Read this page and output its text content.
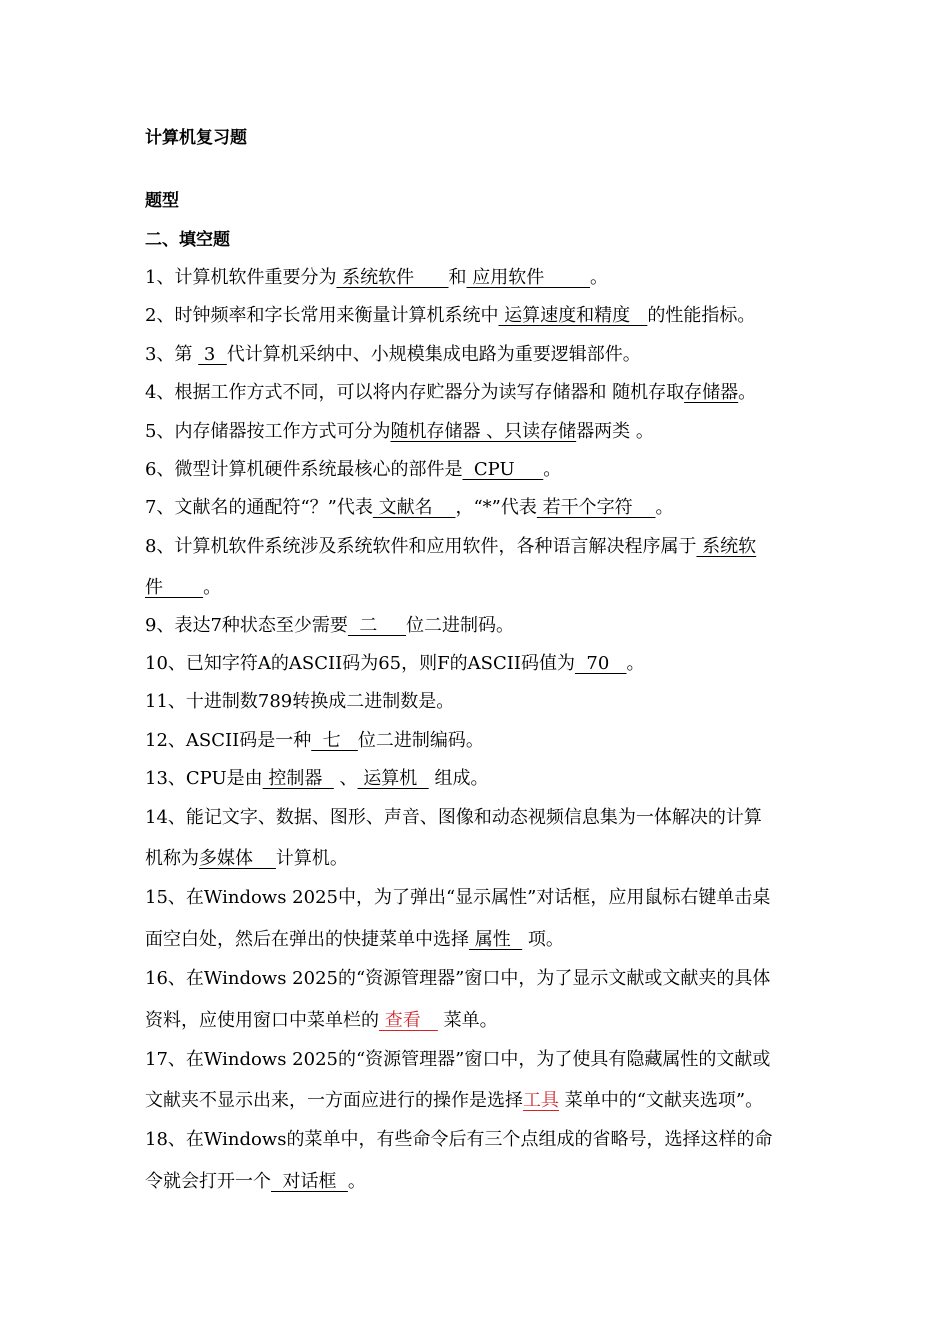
计算机复习题
题型
二、填空题
1、计算机软件重要分为 系统软件      和 应用软件        。
2、时钟频率和字长常用来衡量计算机系统中 运算速度和精度   的性能指标。
3、第  3  代计算机采纳中、小规模集成电路为重要逻辑部件。
4、根据工作方式不同，可以将内存贮器分为读写存储器和 随机存取存储器。
5、内存储器按工作方式可分为随机存储器 、只读存储器两类 。
6、微型计算机硬件系统最核心的部件是  CPU     。
7、文献名的通配符“？”代表 文献名    ，“*”代表 若干个字符    。
8、计算机软件系统涉及系统软件和应用软件，各种语言解决程序属于 系统软
件       。
9、表达7种状态至少需要  二     位二进制码。
10、已知字符A的ASCII码为65，则F的ASCII码值为  70   。
11、十进制数789转换成二进制数是。
12、ASCII码是一种  七   位二进制编码。
13、CPU是由 控制器   、 运算机   组成。
14、能记文字、数据、图形、声音、图像和动态视频信息集为一体解决的计算
机称为多媒体    计算机。
15、在Windows 2025中，为了弹出“显示属性”对话框，应用鼠标右键单击桌
面空白处，然后在弹出的快捷菜单中选择 属性   项。
16、在Windows 2025的“资源管理器”窗口中，为了显示文献或文献夹的具体
资料，应使用窗口中菜单栏的 查看    菜单。
17、在Windows 2025的“资源管理器”窗口中，为了使具有隐藏属性的文献或
文献夹不显示出来，一方面应进行的操作是选择工具 菜单中的“文献夹选项”。
18、在Windows的菜单中，有些命令后有三个点组成的省略号，选择这样的命
令就会打开一个  对话框  。
